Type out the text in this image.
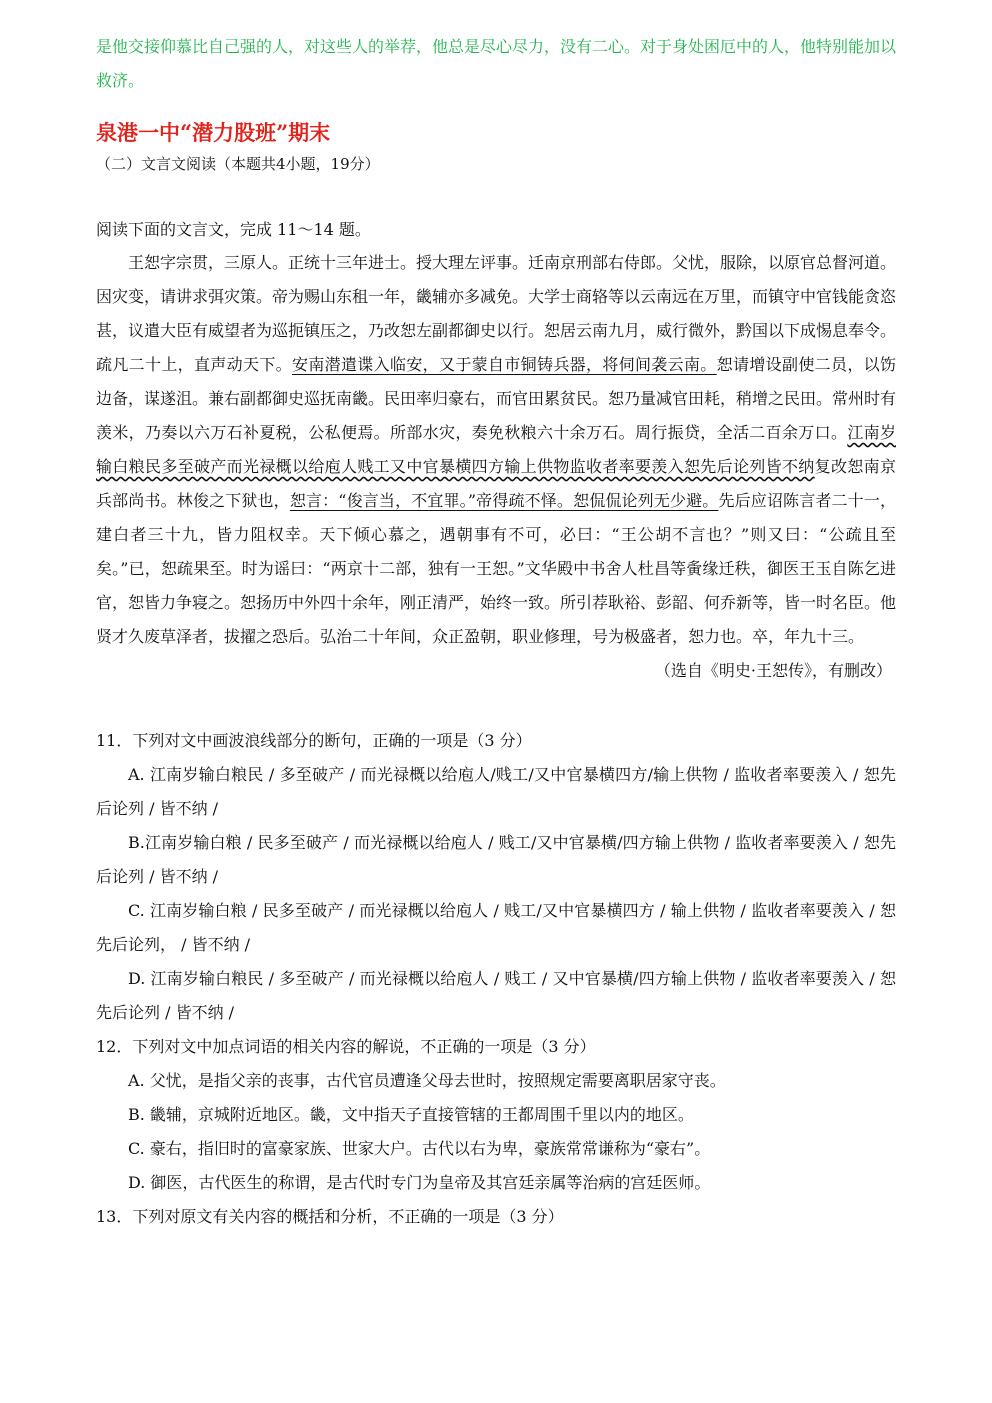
是他交接仰慕比自己强的人，对这些人的举荐，他总是尽心尽力，没有二心。对于身处困厄中的人，他特别能加以救济。

泉港一中“潜力股班”期末

（二）文言文阅读（本题共4小题，19分）

阅读下面的文言文，完成 11～14 题。

王恕字宗贯，三原人。正统十三年进士。授大理左评事。迁南京刑部右侍郎。父忧，服除，以原官总督河道。因灾变，请讲求弭灾策。帝为赐山东租一年，畿辅亦多减免。大学士商辂等以云南远在万里，而镇守中官钱能贪恣甚，议遣大臣有威望者为巡扼镇压之，乃改恕左副都御史以行。恕居云南九月，威行微外，黔国以下成惕息奉令。疏凡二十上，直声动天下。安南潜遣谍入临安，又于蒙自市铜铸兵器，将伺间袭云南。恕请增设副使二员，以饬边备，谋遂沮。兼右副都御史巡抚南畿。民田率归豪右，而官田累贫民。恕乃量减官田耗，稍增之民田。常州时有羡米，乃奏以六万石补夏税，公私便焉。所部水灾，奏免秋粮六十余万石。周行振贷，全活二百余万口。江南岁输白粮民多至破产而光禄概以给庖人贱工又中官暴横四方输上供物监收者率要羡入恕先后论列皆不纳复改恕南京兵部尚书。林俊之下狱也，恕言：“俊言当，不宜罪。”帝得疏不怿。恕侃侃论列无少避。先后应诏陈言者二十一，建白者三十九，皆力阻权幸。天下倾心慕之，遇朝事有不可，必曰：“王公胡不言也？”则又曰：“公疏且至矣。”已，恕疏果至。时为谣曰：“两京十二部，独有一王恕。”文华殿中书舍人杜昌等夤缘迁秩，御医王玉自陈乞进官，恕皆力争寝之。恕扬历中外四十余年，刚正清严，始终一致。所引荐耿裕、彭韶、何乔新等，皆一时名臣。他贤才久废草泽者，拔擢之恐后。弘治二十年间，众正盈朝，职业修理，号为极盛者，恕力也。卒，年九十三。

（选自《明史·王恕传》，有删改）

11．下列对文中画波浪线部分的断句，正确的一项是（3 分）

A. 江南岁输白粮民 / 多至破产 / 而光禄概以给庖人/贱工/又中官暴横四方/输上供物 / 监收者率要羡入 / 恕先后论列 / 皆不纳 /

B.江南岁输白粮 / 民多至破产 / 而光禄概以给庖人 / 贱工/又中官暴横/四方输上供物 / 监收者率要羡入 / 恕先后论列 / 皆不纳 /

C. 江南岁输白粮 / 民多至破产 / 而光禄概以给庖人 / 贱工/又中官暴横四方 / 输上供物 / 监收者率要羡入 / 恕先后论列， / 皆不纳 /

D. 江南岁输白粮民 / 多至破产 / 而光禄概以给庖人 / 贱工 / 又中官暴横/四方输上供物 / 监收者率要羡入 / 恕先后论列 / 皆不纳 /

12．下列对文中加点词语的相关内容的解说，不正确的一项是（3 分）

A. 父忧，是指父亲的丧事，古代官员遭逢父母去世时，按照规定需要离职居家守丧。

B. 畿辅，京城附近地区。畿，文中指天子直接管辖的王都周围千里以内的地区。

C. 豪右，指旧时的富豪家族、世家大户。古代以右为卑，豪族常常谦称为“豪右”。

D. 御医，古代医生的称谓，是古代时专门为皇帝及其宫廷亲属等治病的宫廷医师。

13．下列对原文有关内容的概括和分析，不正确的一项是（3 分）
